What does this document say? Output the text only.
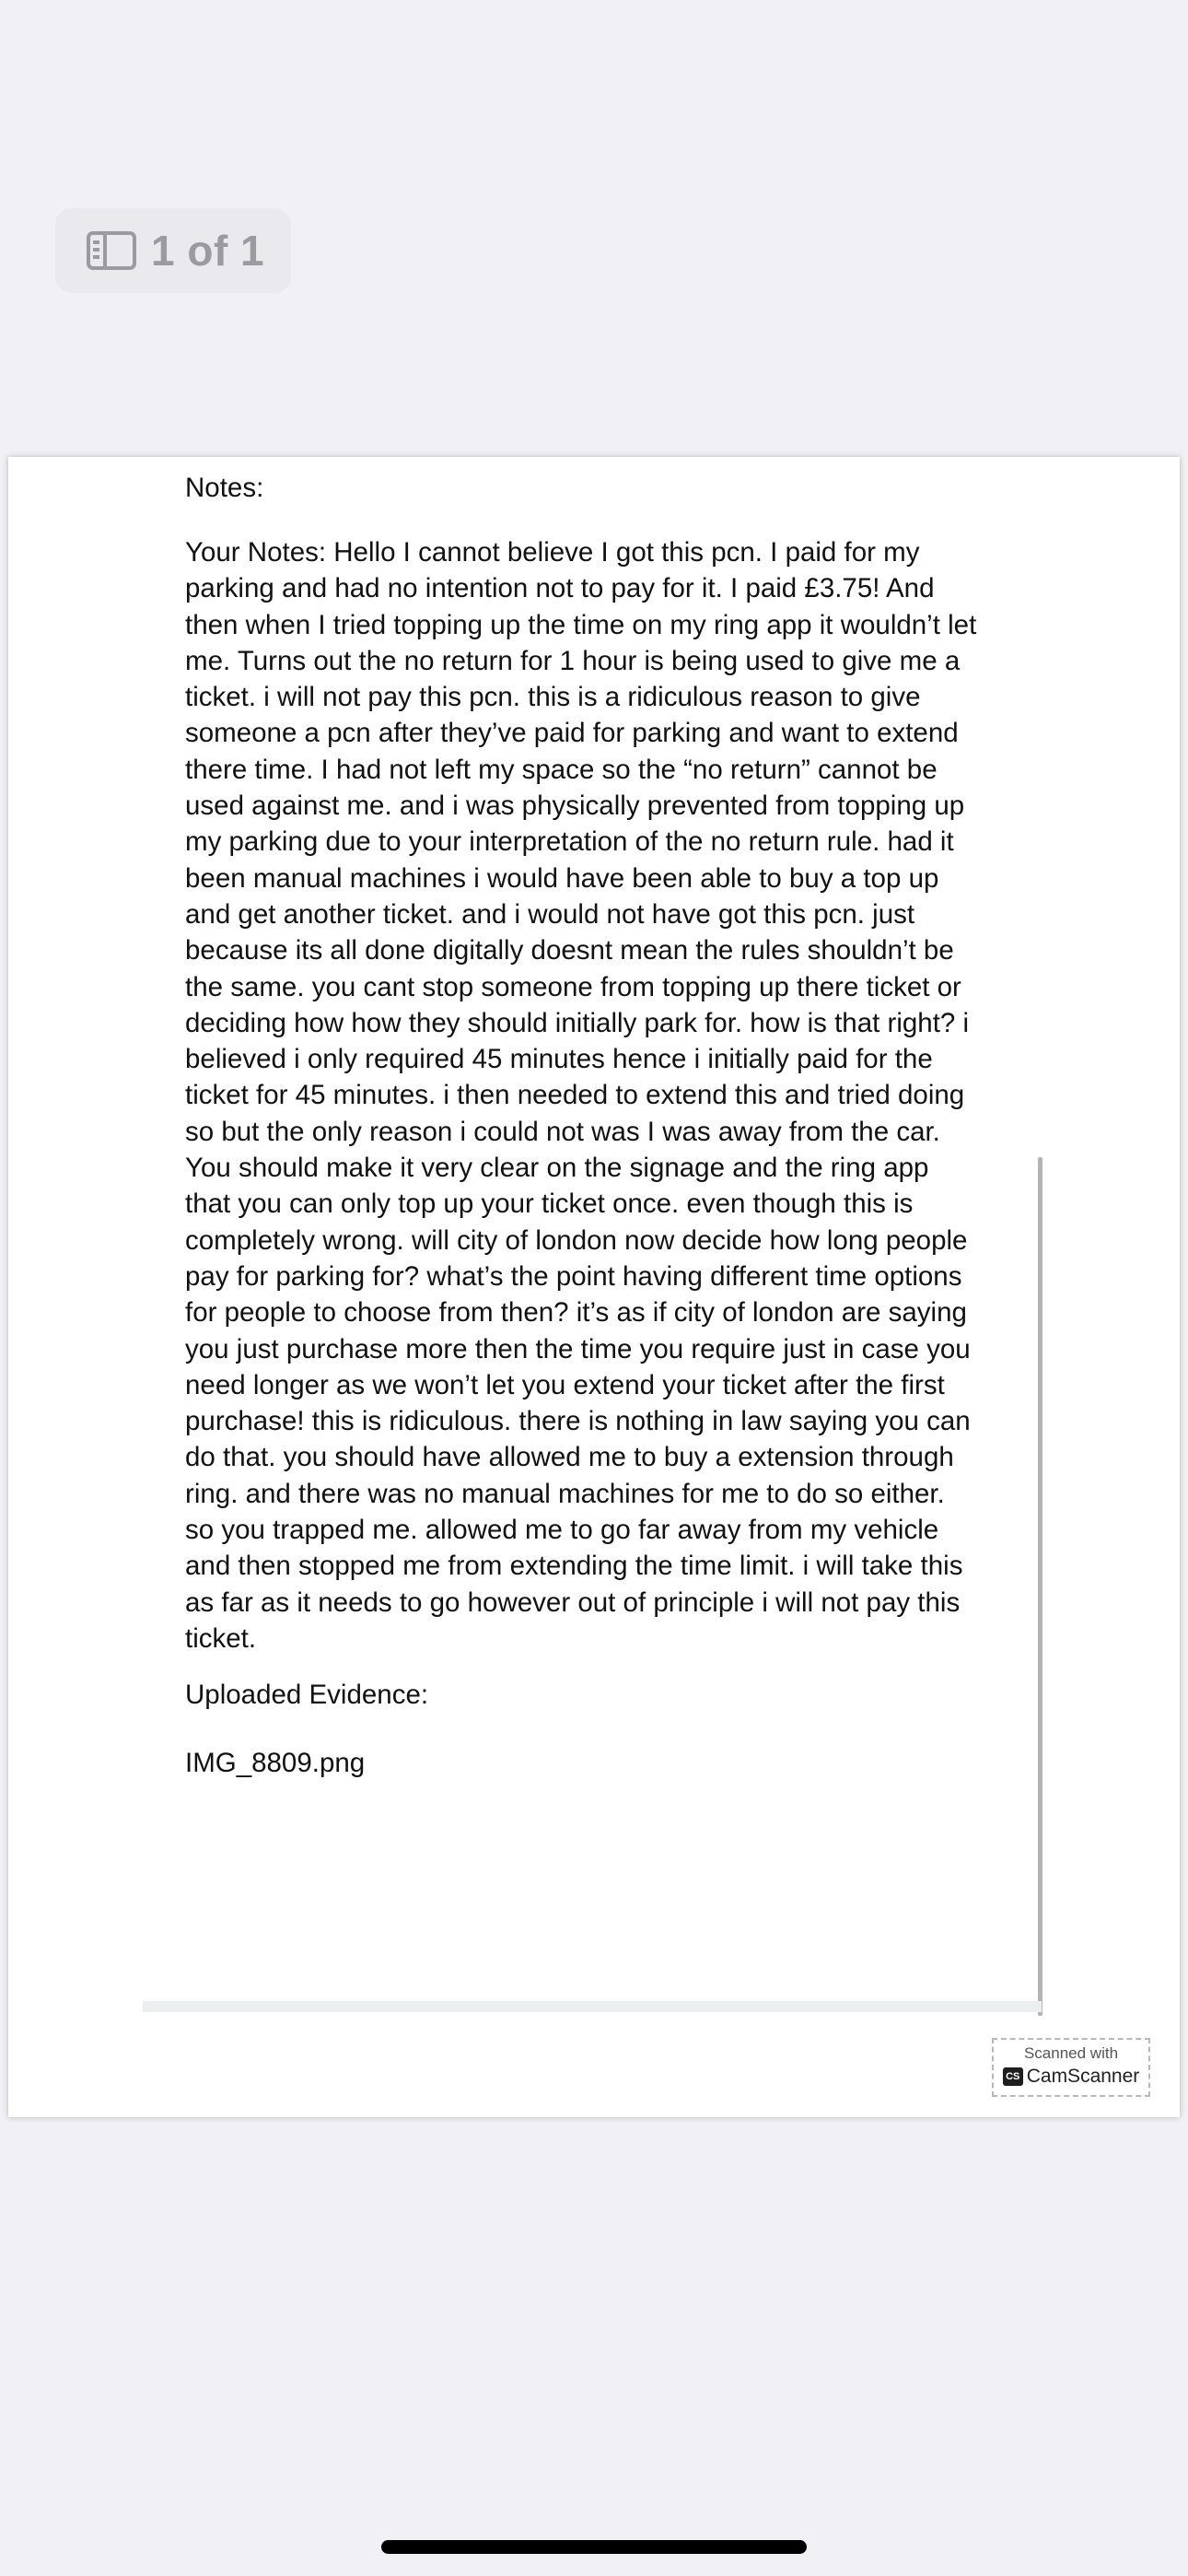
1 of 1
Notes:
Your Notes: Hello I cannot believe I got this pcn. I paid for my
parking and had no intention not to pay for it. I paid £3.75! And
then when I tried topping up the time on my ring app it wouldn’t let
me. Turns out the no return for 1 hour is being used to give me a
ticket. i will not pay this pcn. this is a ridiculous reason to give
someone a pcn after they’ve paid for parking and want to extend
there time. I had not left my space so the “no return” cannot be
used against me. and i was physically prevented from topping up
my parking due to your interpretation of the no return rule. had it
been manual machines i would have been able to buy a top up
and get another ticket. and i would not have got this pcn. just
because its all done digitally doesnt mean the rules shouldn’t be
the same. you cant stop someone from topping up there ticket or
deciding how how they should initially park for. how is that right? i
believed i only required 45 minutes hence i initially paid for the
ticket for 45 minutes. i then needed to extend this and tried doing
so but the only reason i could not was I was away from the car.
You should make it very clear on the signage and the ring app
that you can only top up your ticket once. even though this is
completely wrong. will city of london now decide how long people
pay for parking for? what’s the point having different time options
for people to choose from then? it’s as if city of london are saying
you just purchase more then the time you require just in case you
need longer as we won’t let you extend your ticket after the first
purchase! this is ridiculous. there is nothing in law saying you can
do that. you should have allowed me to buy a extension through
ring. and there was no manual machines for me to do so either.
so you trapped me. allowed me to go far away from my vehicle
and then stopped me from extending the time limit. i will take this
as far as it needs to go however out of principle i will not pay this
ticket.
Uploaded Evidence:
IMG_8809.png
Scanned with
CS CamScanner
